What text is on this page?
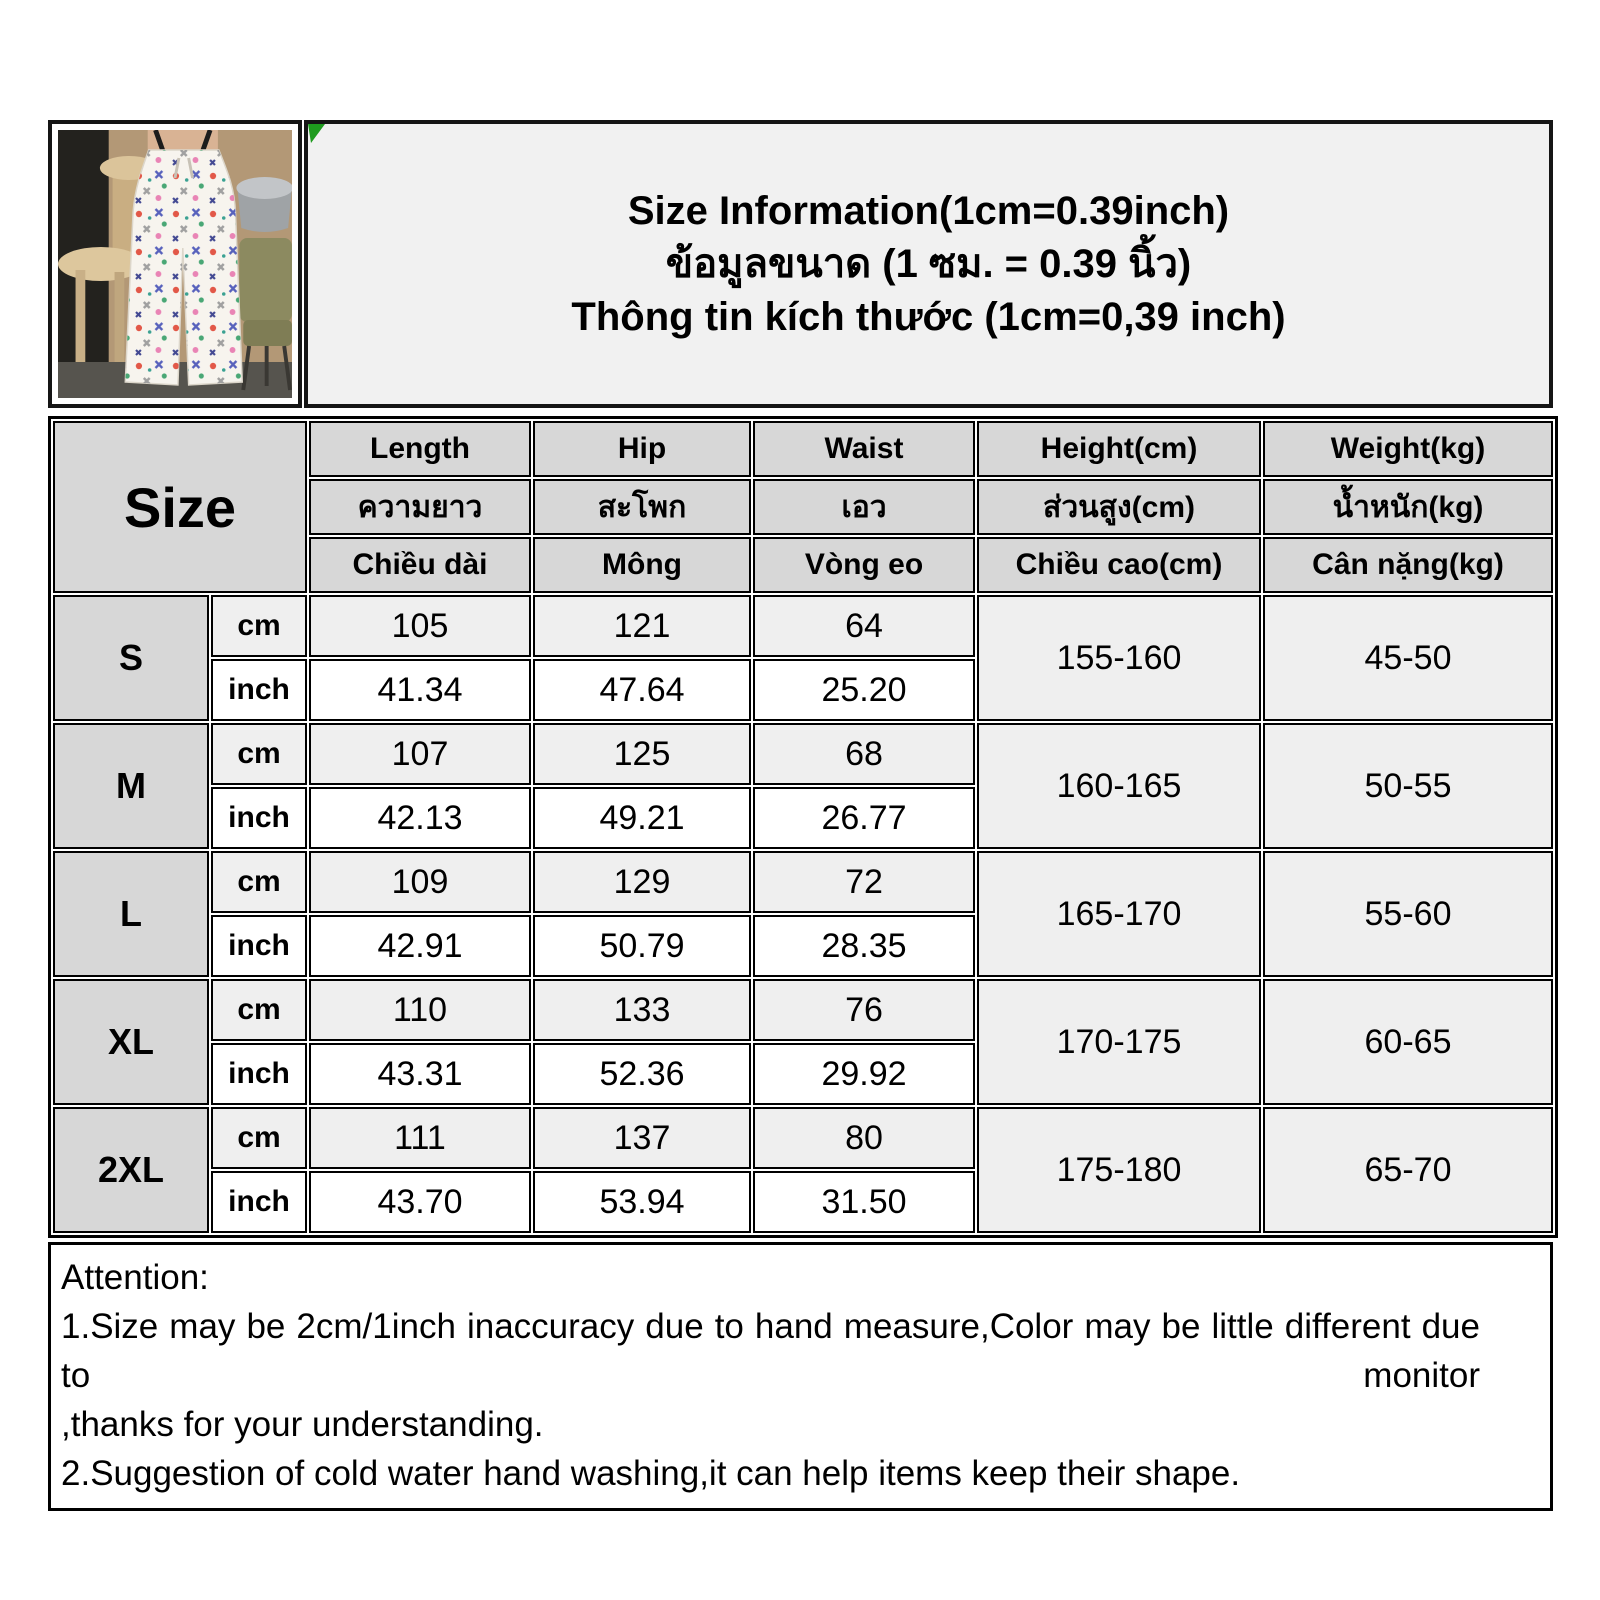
Size Information(1cm=0.39inch)
ข้อมูลขนาด (1 ซม. = 0.39 นิ้ว)
Thông tin kích thước (1cm=0,39 inch)
Size		Length	Hip	Waist	Height(cm)	Weight(kg)
		ความยาว	สะโพก	เอว	ส่วนสูง(cm)	น้ำหนัก(kg)
		Chiều dài	Mông	Vòng eo	Chiều cao(cm)	Cân nặng(kg)
S	cm	105	121	64	155-160	45-50
	inch	41.34	47.64	25.20		
M	cm	107	125	68	160-165	50-55
	inch	42.13	49.21	26.77		
L	cm	109	129	72	165-170	55-60
	inch	42.91	50.79	28.35		
XL	cm	110	133	76	170-175	60-65
	inch	43.31	52.36	29.92		
2XL	cm	111	137	80	175-180	65-70
	inch	43.70	53.94	31.50		
Attention:
1.Size may be 2cm/1inch inaccuracy due to hand measure,Color may be little different due to monitor
,thanks for your understanding.
2.Suggestion of cold water hand washing,it can help items keep their shape.
